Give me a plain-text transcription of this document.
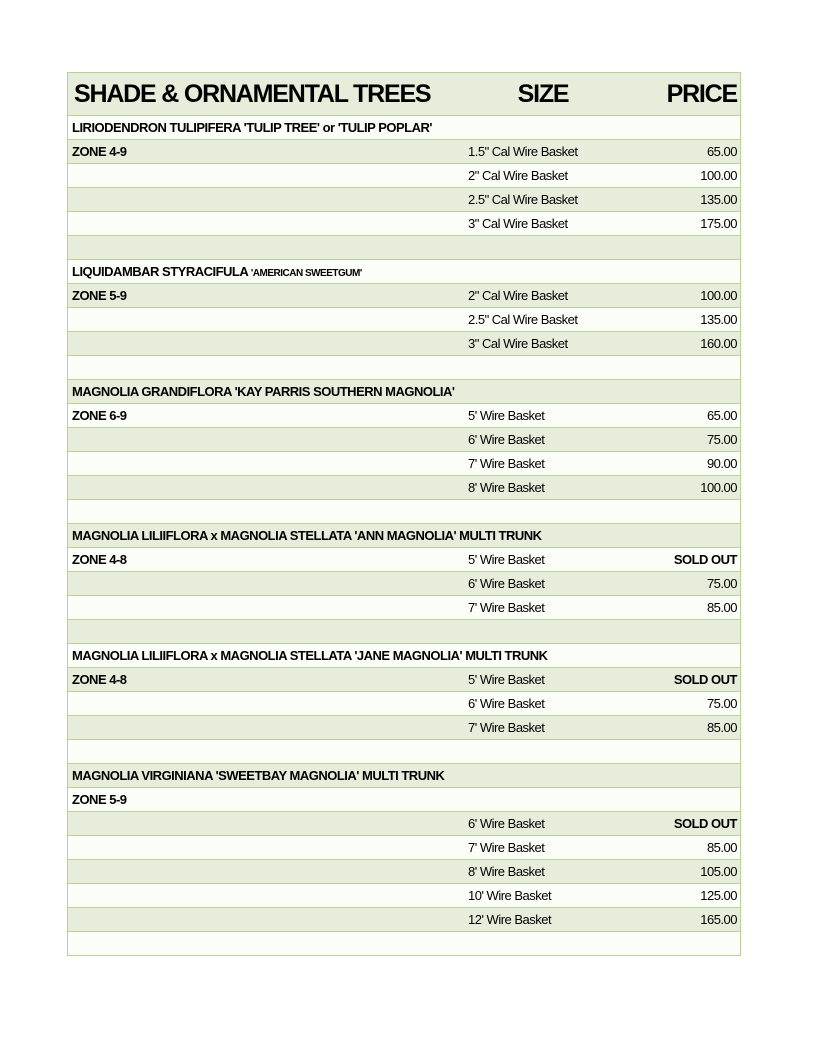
SHADE & ORNAMENTAL TREES	SIZE	PRICE
LIRIODENDRON TULIPIFERA 'TULIP TREE' or 'TULIP POPLAR'
ZONE 4-9	1.5" Cal Wire Basket	65.00
2" Cal Wire Basket	100.00
2.5" Cal Wire Basket	135.00
3" Cal Wire Basket	175.00
LIQUIDAMBAR STYRACIFULA 'AMERICAN SWEETGUM'
ZONE 5-9	2" Cal Wire Basket	100.00
2.5" Cal Wire Basket	135.00
3" Cal Wire Basket	160.00
MAGNOLIA GRANDIFLORA 'KAY PARRIS SOUTHERN MAGNOLIA'
ZONE 6-9	5' Wire Basket	65.00
6' Wire Basket	75.00
7' Wire Basket	90.00
8' Wire Basket	100.00
MAGNOLIA LILIIFLORA x MAGNOLIA STELLATA 'ANN MAGNOLIA' MULTI TRUNK
ZONE 4-8	5' Wire Basket	SOLD OUT
6' Wire Basket	75.00
7' Wire Basket	85.00
MAGNOLIA LILIIFLORA x MAGNOLIA STELLATA 'JANE MAGNOLIA' MULTI TRUNK
ZONE 4-8	5' Wire Basket	SOLD OUT
6' Wire Basket	75.00
7' Wire Basket	85.00
MAGNOLIA VIRGINIANA 'SWEETBAY MAGNOLIA' MULTI TRUNK
ZONE 5-9
6' Wire Basket	SOLD OUT
7' Wire Basket	85.00
8' Wire Basket	105.00
10' Wire Basket	125.00
12' Wire Basket	165.00
